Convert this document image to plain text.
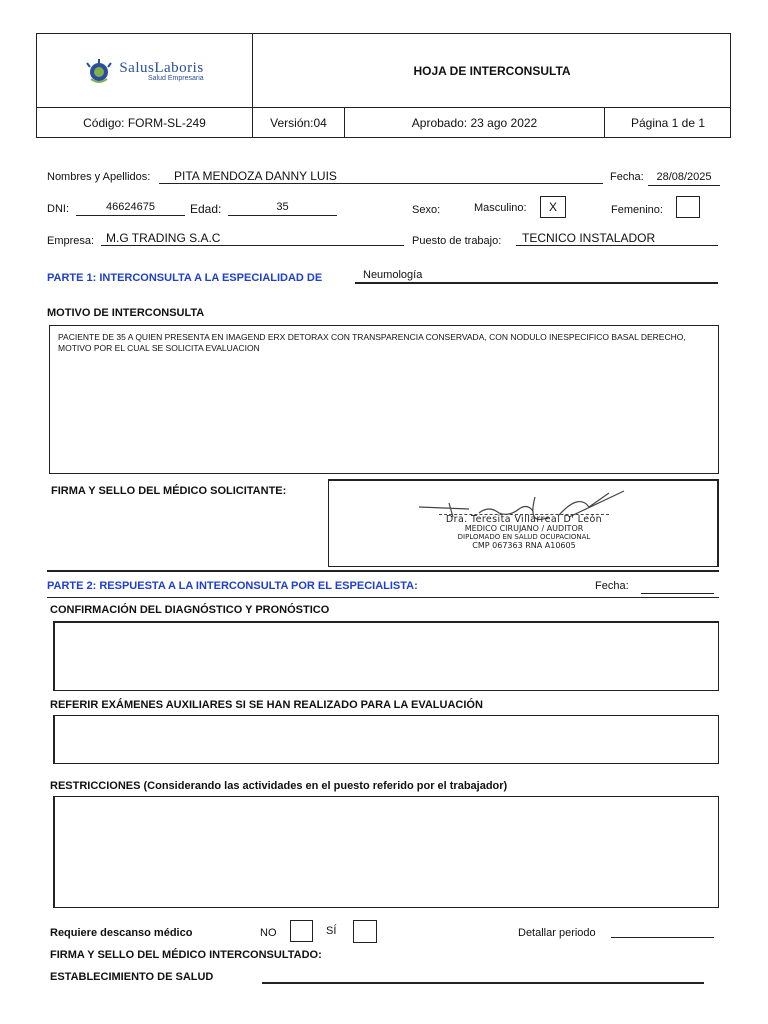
SalusLaboris
Salud Empresaria
HOJA DE INTERCONSULTA
Código: FORM-SL-249	Versión:04	Aprobado: 23 ago 2022	Página 1 de 1
Nombres y Apellidos:	PITA MENDOZA DANNY LUIS	Fecha:	28/08/2025
DNI:	46624675	Edad:	35	Sexo:	Masculino:	X	Femenino:
Empresa: M.G TRADING S.A.C	Puesto de trabajo:	TECNICO INSTALADOR
PARTE 1: INTERCONSULTA A LA ESPECIALIDAD DE	Neumología
MOTIVO DE INTERCONSULTA
PACIENTE DE 35 A QUIEN PRESENTA EN IMAGEND ERX DETORAX CON TRANSPARENCIA CONSERVADA, CON NODULO INESPECIFICO BASAL DERECHO, MOTIVO POR EL CUAL SE SOLICITA EVALUACION
FIRMA Y SELLO DEL MÉDICO SOLICITANTE:
Dra. Teresita Villarreal D' León
MEDICO CIRUJANO / AUDITOR
DIPLOMADO EN SALUD OCUPACIONAL
CMP 067363 RNA A10605
PARTE 2: RESPUESTA A LA INTERCONSULTA POR EL ESPECIALISTA:	Fecha:
CONFIRMACIÓN DEL DIAGNÓSTICO Y PRONÓSTICO
REFERIR EXÁMENES AUXILIARES SI SE HAN REALIZADO PARA LA EVALUACIÓN
RESTRICCIONES (Considerando las actividades en el puesto referido por el trabajador)
Requiere descanso médico	NO	SÍ	Detallar periodo
FIRMA Y SELLO DEL MÉDICO INTERCONSULTADO:
ESTABLECIMIENTO DE SALUD
